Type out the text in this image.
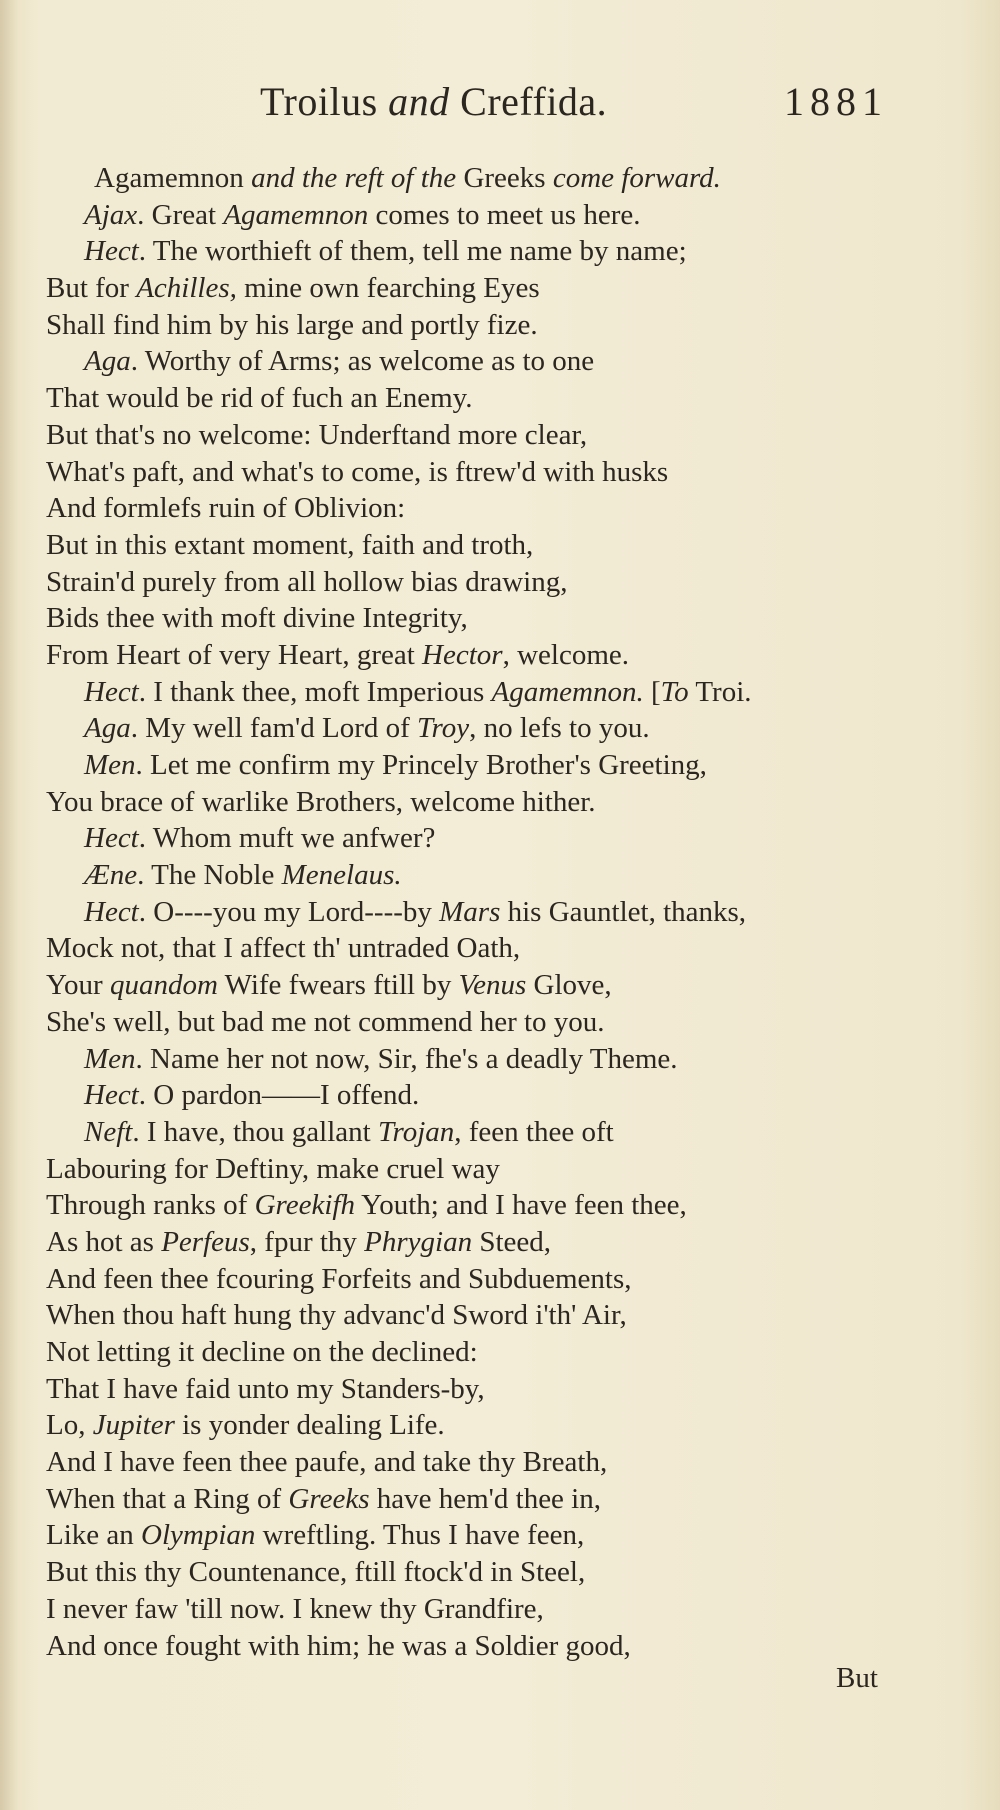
Troilus and Creffida.	1881
Agamemnon and the reft of the Greeks come forward.
Ajax. Great Agamemnon comes to meet us here.
Hect. The worthieft of them, tell me name by name;
But for Achilles, mine own fearching Eyes
Shall find him by his large and portly fize.
Aga. Worthy of Arms; as welcome as to one
That would be rid of fuch an Enemy.
But that's no welcome: Underftand more clear,
What's paft, and what's to come, is ftrew'd with husks
And formlefs ruin of Oblivion:
But in this extant moment, faith and troth,
Strain'd purely from all hollow bias drawing,
Bids thee with moft divine Integrity,
From Heart of very Heart, great Hector, welcome.
Hect. I thank thee, moft Imperious Agamemnon. [To Troi.
Aga. My well fam'd Lord of Troy, no lefs to you.
Men. Let me confirm my Princely Brother's Greeting,
You brace of warlike Brothers, welcome hither.
Hect. Whom muft we anfwer?
Æne. The Noble Menelaus.
Hect. O----you my Lord----by Mars his Gauntlet, thanks,
Mock not, that I affect th' untraded Oath,
Your quandom Wife fwears ftill by Venus Glove,
She's well, but bad me not commend her to you.
Men. Name her not now, Sir, fhe's a deadly Theme.
Hect. O pardon——I offend.
Neft. I have, thou gallant Trojan, feen thee oft
Labouring for Deftiny, make cruel way
Through ranks of Greekifh Youth; and I have feen thee,
As hot as Perfeus, fpur thy Phrygian Steed,
And feen thee fcouring Forfeits and Subduements,
When thou haft hung thy advanc'd Sword i'th' Air,
Not letting it decline on the declined:
That I have faid unto my Standers-by,
Lo, Jupiter is yonder dealing Life.
And I have feen thee paufe, and take thy Breath,
When that a Ring of Greeks have hem'd thee in,
Like an Olympian wreftling. Thus I have feen,
But this thy Countenance, ftill ftock'd in Steel,
I never faw 'till now. I knew thy Grandfire,
And once fought with him; he was a Soldier good,
But
